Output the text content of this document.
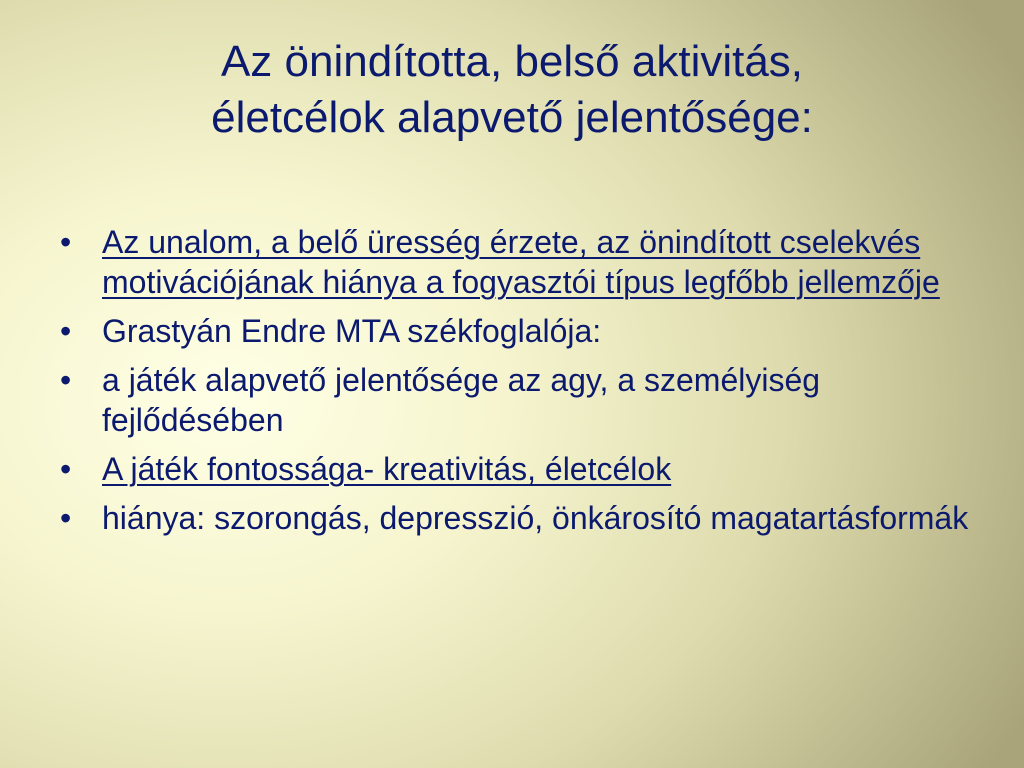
Az önindította, belső aktivitás,
életcélok alapvető jelentősége:
• Az unalom, a belő üresség érzete, az önindított cselekvés motivációjának hiánya a fogyasztói típus legfőbb jellemzője
• Grastyán Endre MTA székfoglalója:
• a játék alapvető jelentősége az agy, a személyiség fejlődésében
• A játék fontossága- kreativitás, életcélok
• hiánya: szorongás, depresszió, önkárosító magatartásformák
